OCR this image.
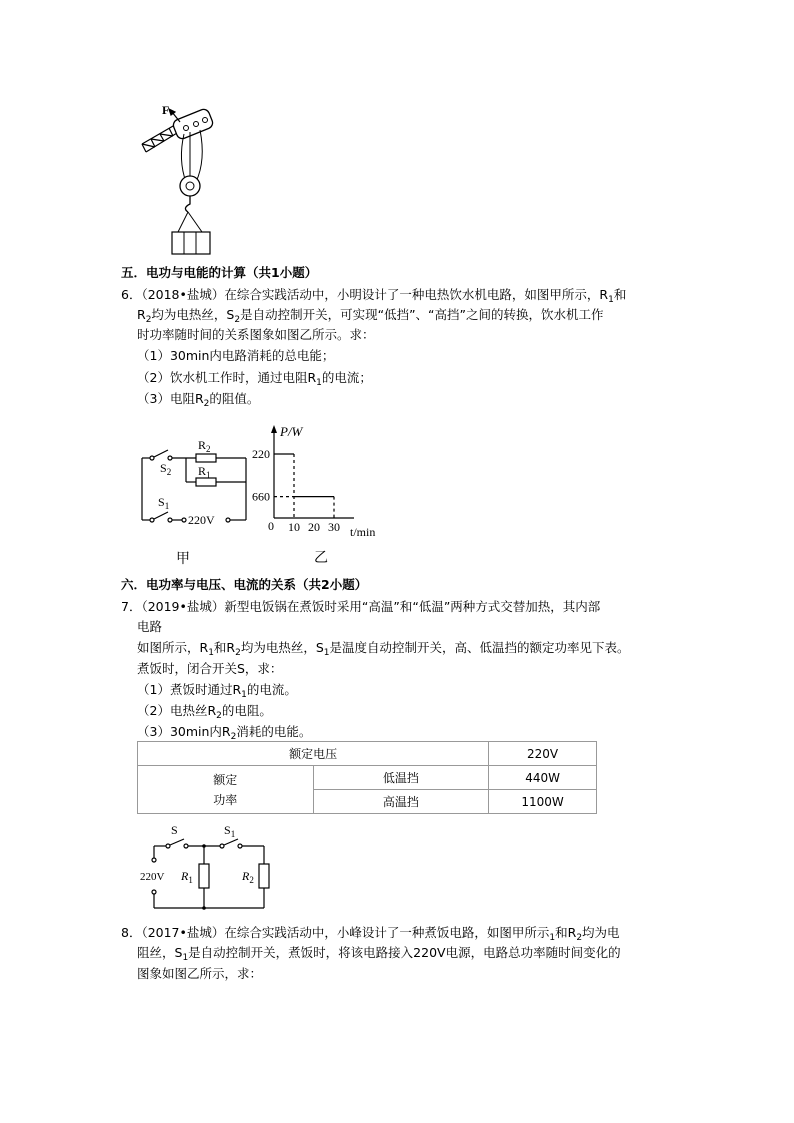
F
五．电功与电能的计算（共1小题）
6．（2018•盐城）在综合实践活动中，小明设计了一种电热饮水机电路，如图甲所示，$R_1$和
$R_2$均为电热丝，$S_2$是自动控制开关，可实现“低挡”、“高挡”之间的转换，饮水机工作
时功率随时间的关系图象如图乙所示。求：
（1）30min内电路消耗的总电能；
（2）饮水机工作时，通过电阻$R_1$的电流；
（3）电阻$R_2$的阻值。
$R_2$
$R_1$
$S_2$
$S_1$
220V
甲
P/W
t/min
0
660
220
10 20 30
乙
六．电功率与电压、电流的关系（共2小题）
7．（2019•盐城）新型电饭锅在煮饭时采用“高温”和“低温”两种方式交替加热，其内部
电路
如图所示，$R_1$和$R_2$均为电热丝，$S_1$是温度自动控制开关，高、低温挡的额定功率见下表。
煮饭时，闭合开关S，求：
（1）煮饭时通过$R_1$的电流。
（2）电热丝$R_2$的电阻。
（3）30min内$R_2$消耗的电能。
额定电压		220V
额定
功率	低温挡	440W
	高温挡	1100W
S	$S_1$
220V $R_1$	$R_2$
8．（2017•盐城）在综合实践活动中，小峰设计了一种煮饭电路，如图甲所示$_1$和$R_2$均为电
阻丝，$S_1$是自动控制开关，煮饭时，将该电路接入220V电源，电路总功率随时间变化的
图象如图乙所示，求：
